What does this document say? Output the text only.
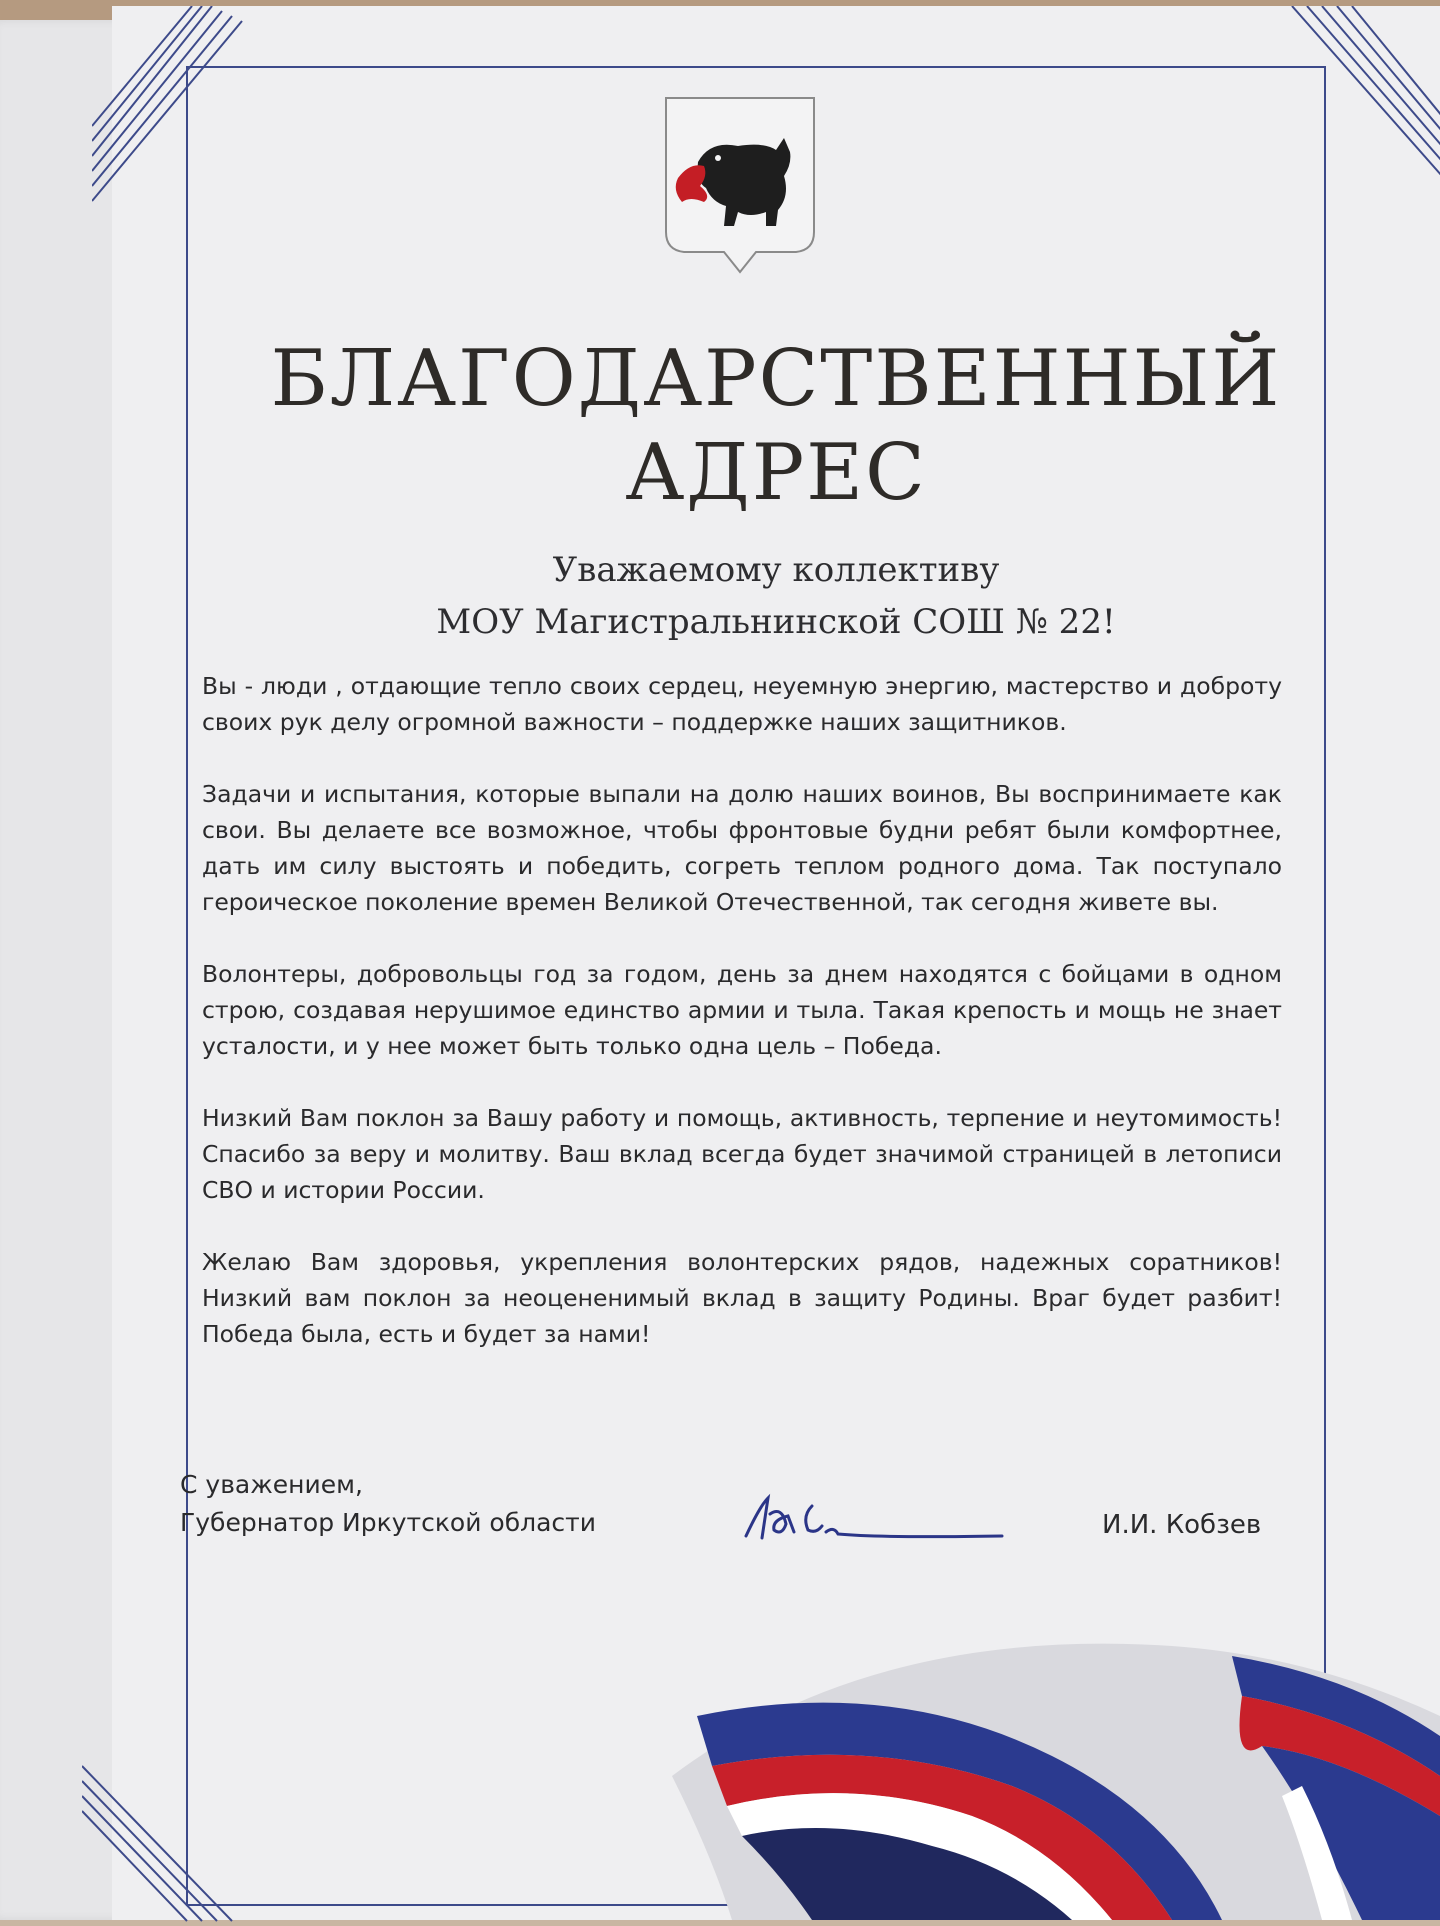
БЛАГОДАРСТВЕННЫЙ
АДРЕС
Уважаемому коллективу
МОУ Магистральнинской СОШ № 22!

Вы - люди , отдающие тепло своих сердец, неуемную энергию, мастерство и доброту своих рук делу огромной важности – поддержке наших защитников.

Задачи и испытания, которые выпали на долю наших воинов, Вы воспринимаете как свои. Вы делаете все возможное, чтобы фронтовые будни ребят были комфортнее, дать им силу выстоять и победить, согреть теплом родного дома. Так поступало героическое поколение времен Великой Отечественной, так сегодня живете вы.

Волонтеры, добровольцы год за годом, день за днем находятся с бойцами в одном строю, создавая нерушимое единство армии и тыла. Такая крепость и мощь не знает усталости, и у нее может быть только одна цель – Победа.

Низкий Вам поклон за Вашу работу и помощь, активность, терпение и неутомимость! Спасибо за веру и молитву. Ваш вклад всегда будет значимой страницей в летописи СВО и истории России.

Желаю Вам здоровья, укрепления волонтерских рядов, надежных соратников! Низкий вам поклон за неоцененимый вклад в защиту Родины. Враг будет разбит! Победа была, есть и будет за нами!

С уважением,
Губернатор Иркутской области	И.И. Кобзев
